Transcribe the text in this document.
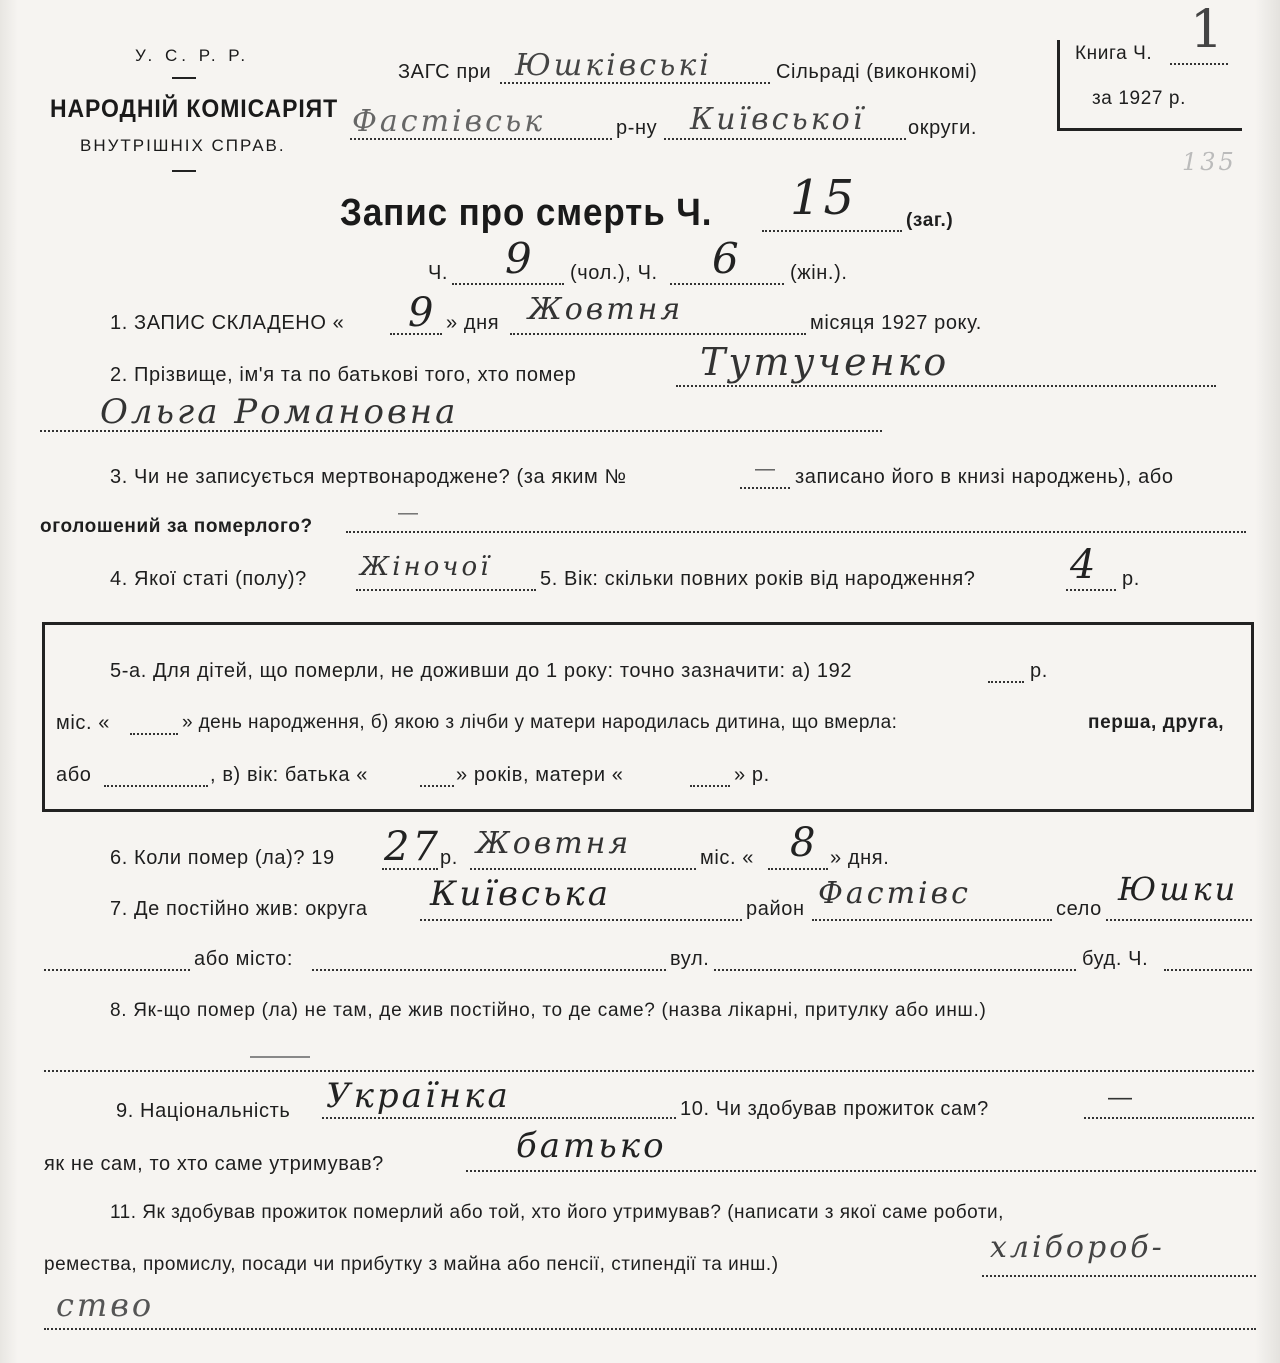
У. С. Р. Р.
НАРОДНІЙ КОМІСАРІЯТ
ВНУТРІШНІХ СПРАВ.
ЗАГС при Юшківські	Сільраді (виконкомі)
Фастівськ	р-ну Київської округи.
Книга Ч. 1
за 1927 р.
135
Запис про смерть Ч. 15	(заг.)
Ч. 9 (чол.), Ч. 6 (жін.).
1. ЗАПИС СКЛАДЕНО « 9 » дня Жовтня	місяця 1927 року.
2. Прізвище, ім'я та по батькові того, хто помер	Тутученко
Ольга Романовна
3. Чи не записується мертвонароджене? (за яким №	— записано його в книзі народжень), або
оголошений за померлого?
—
4. Якої статі (полу)? Жіночої 5. Вік: скільки повних років від народження? 4 р.
5-а. Для дітей, що померли, не доживши до 1 року: точно зазначити: а) 192	р.
міс. «	» день народження, б) якою з лічби у матери народилась дитина, що вмерла:	перша, друга,
або	, в) вік: батька «	» років, матери «	» р.
6. Коли помер (ла)? 19 27 р. Жовтня	міс. « 8 » дня.
7. Де постійно жив: округа Київська	район Фастівс	село
Юшки
або місто:	вул.	буд. Ч.
8. Як-що помер (ла) не там, де жив постійно, то де саме? (назва лікарні, притулку або инш.)
9. Національність Українка	10. Чи здобував прожиток сам?	—
як не сам, то хто саме утримував?	батько
11. Як здобував прожиток померлий або той, хто його утримував? (написати з якої саме роботи,
ремества, промислу, посади чи прибутку з майна або пенсії, стипендії та инш.)	хлібороб-
ство
